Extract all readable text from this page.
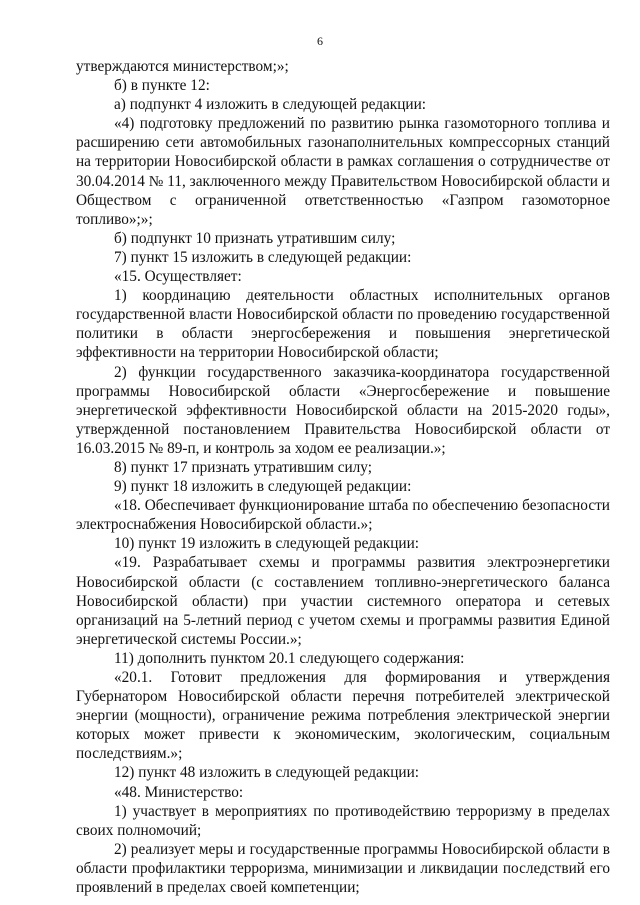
6

утверждаются министерством;»;

б) в пункте 12:

а) подпункт 4 изложить в следующей редакции:

«4) подготовку предложений по развитию рынка газомоторного топлива и расширению сети автомобильных газонаполнительных компрессорных станций на территории Новосибирской области в рамках соглашения о сотрудничестве от 30.04.2014 № 11, заключенного между Правительством Новосибирской области и Обществом с ограниченной ответственностью «Газпром газомоторное топливо»;»;

б) подпункт 10 признать утратившим силу;

7) пункт 15 изложить в следующей редакции:

«15. Осуществляет:

1) координацию деятельности областных исполнительных органов государственной власти Новосибирской области по проведению государственной политики в области энергосбережения и повышения энергетической эффективности на территории Новосибирской области;

2) функции государственного заказчика-координатора государственной программы Новосибирской области «Энергосбережение и повышение энергетической эффективности Новосибирской области на 2015-2020 годы», утвержденной постановлением Правительства Новосибирской области от 16.03.2015 № 89-п, и контроль за ходом ее реализации.»;

8) пункт 17 признать утратившим силу;

9) пункт 18 изложить в следующей редакции:

«18. Обеспечивает функционирование штаба по обеспечению безопасности электроснабжения Новосибирской области.»;

10) пункт 19 изложить в следующей редакции:

«19. Разрабатывает схемы и программы развития электроэнергетики Новосибирской области (с составлением топливно-энергетического баланса Новосибирской области) при участии системного оператора и сетевых организаций на 5-летний период с учетом схемы и программы развития Единой энергетической системы России.»;

11) дополнить пунктом 20.1 следующего содержания:

«20.1. Готовит предложения для формирования и утверждения Губернатором Новосибирской области перечня потребителей электрической энергии (мощности), ограничение режима потребления электрической энергии которых может привести к экономическим, экологическим, социальным последствиям.»;

12) пункт 48 изложить в следующей редакции:

«48. Министерство:

1) участвует в мероприятиях по противодействию терроризму в пределах своих полномочий;

2) реализует меры и государственные программы Новосибирской области в области профилактики терроризма, минимизации и ликвидации последствий его проявлений в пределах своей компетенции;
